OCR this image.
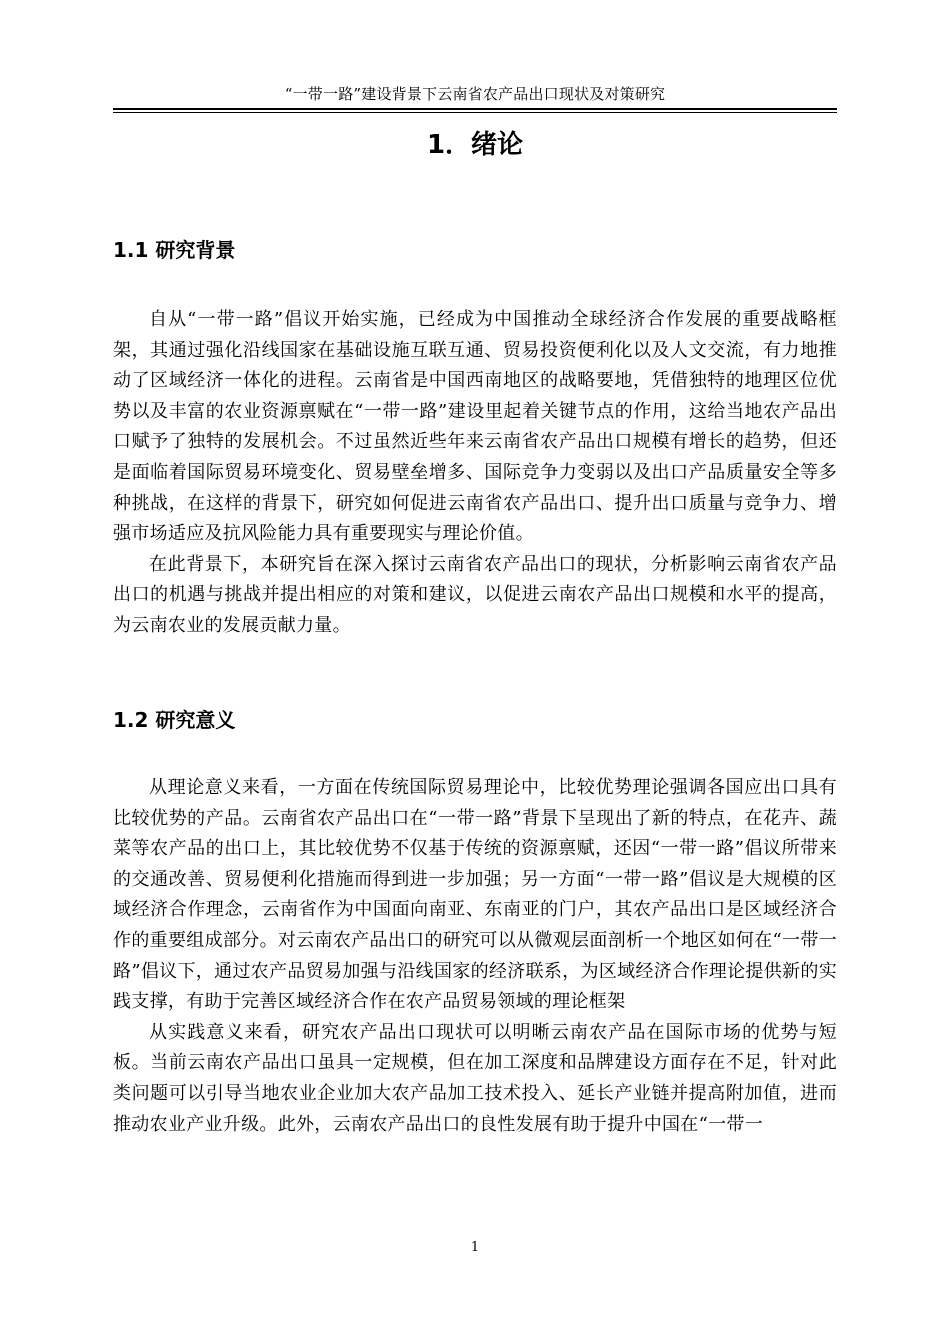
“一带一路”建设背景下云南省农产品出口现状及对策研究
1．绪论
1.1 研究背景

自从“一带一路”倡议开始实施，已经成为中国推动全球经济合作发展的重要战略框架，其通过强化沿线国家在基础设施互联互通、贸易投资便利化以及人文交流，有力地推动了区域经济一体化的进程。云南省是中国西南地区的战略要地，凭借独特的地理区位优势以及丰富的农业资源禀赋在“一带一路”建设里起着关键节点的作用，这给当地农产品出口赋予了独特的发展机会。不过虽然近些年来云南省农产品出口规模有增长的趋势，但还是面临着国际贸易环境变化、贸易壁垒增多、国际竞争力变弱以及出口产品质量安全等多种挑战，在这样的背景下，研究如何促进云南省农产品出口、提升出口质量与竞争力、增强市场适应及抗风险能力具有重要现实与理论价值。

在此背景下，本研究旨在深入探讨云南省农产品出口的现状，分析影响云南省农产品出口的机遇与挑战并提出相应的对策和建议，以促进云南农产品出口规模和水平的提高，为云南农业的发展贡献力量。

1.2 研究意义

从理论意义来看，一方面在传统国际贸易理论中，比较优势理论强调各国应出口具有比较优势的产品。云南省农产品出口在“一带一路”背景下呈现出了新的特点，在花卉、蔬菜等农产品的出口上，其比较优势不仅基于传统的资源禀赋，还因“一带一路”倡议所带来的交通改善、贸易便利化措施而得到进一步加强；另一方面“一带一路”倡议是大规模的区域经济合作理念，云南省作为中国面向南亚、东南亚的门户，其农产品出口是区域经济合作的重要组成部分。对云南农产品出口的研究可以从微观层面剖析一个地区如何在“一带一路”倡议下，通过农产品贸易加强与沿线国家的经济联系，为区域经济合作理论提供新的实践支撑，有助于完善区域经济合作在农产品贸易领域的理论框架

从实践意义来看，研究农产品出口现状可以明晰云南农产品在国际市场的优势与短板。当前云南农产品出口虽具一定规模，但在加工深度和品牌建设方面存在不足，针对此类问题可以引导当地农业企业加大农产品加工技术投入、延长产业链并提高附加值，进而推动农业产业升级。此外，云南农产品出口的良性发展有助于提升中国在“一带一

1
